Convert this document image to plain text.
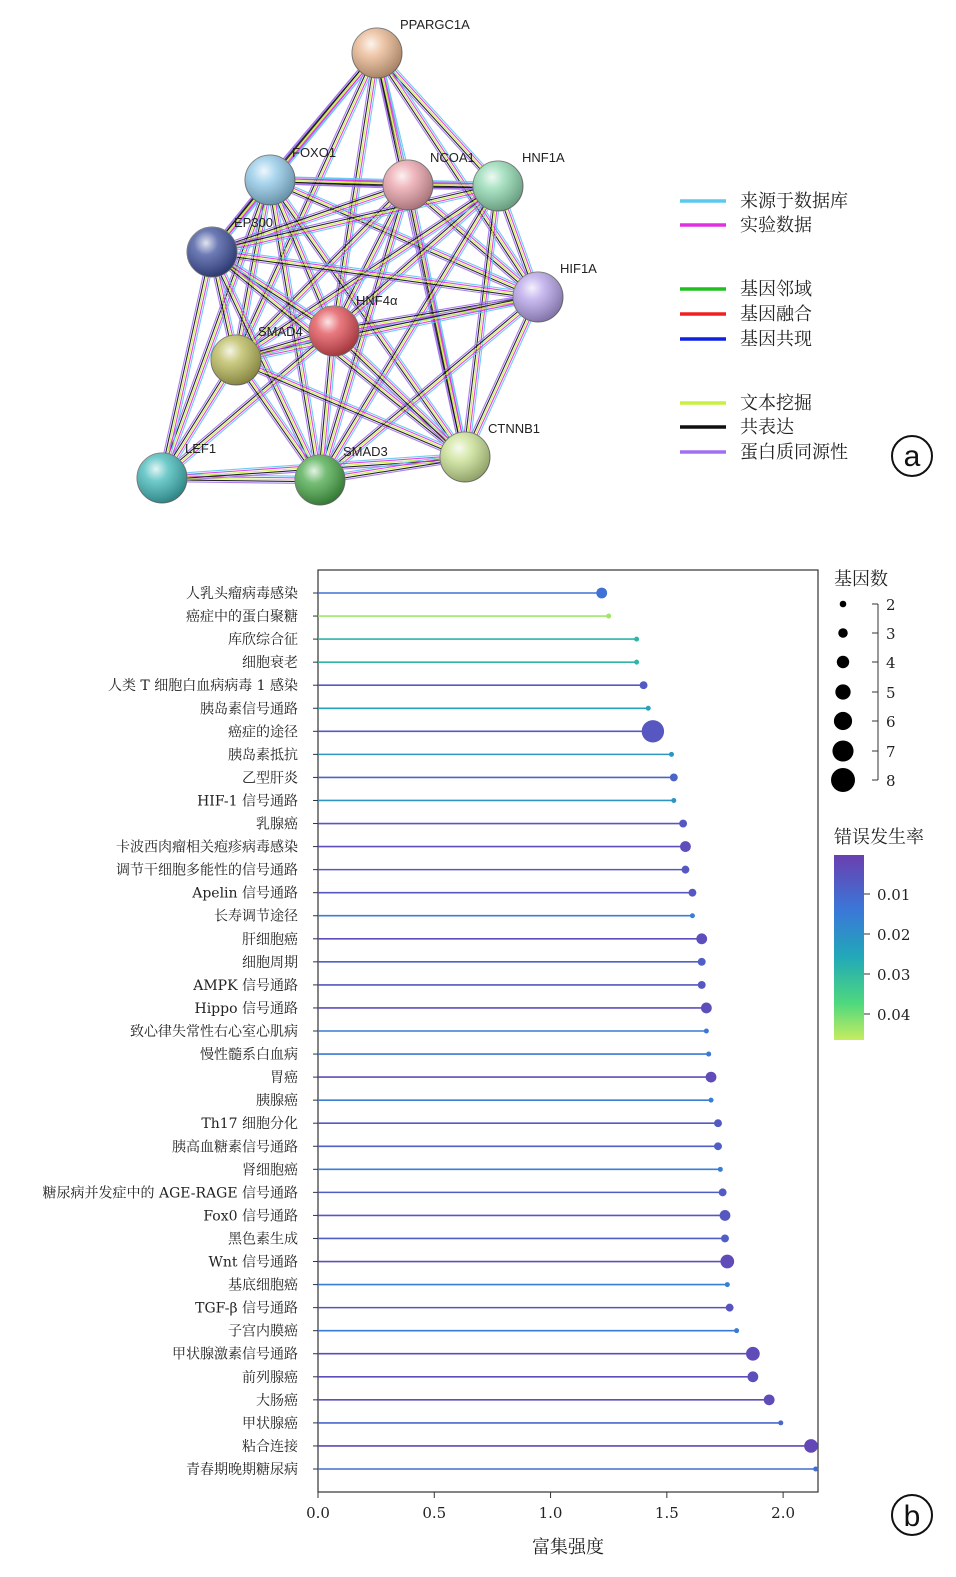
PPARGC1A
FOXO1	NCOA1	HNF1A
EP300
HIF1A
HNF4α
SMAD4
LEF1	SMAD3
CTNNB1
来源于数据库
实验数据
基因邻域
基因融合
基因共现
文本挖掘
共表达
蛋白质同源性 a
人乳头瘤病毒感染
癌症中的蛋白聚糖
库欣综合征
细胞衰老
人类 T 细胞白血病病毒 1 感染
胰岛素信号通路
癌症的途径
胰岛素抵抗
乙型肝炎
HIF-1 信号通路
乳腺癌
卡波西肉瘤相关疱疹病毒感染
调节干细胞多能性的信号通路
Apelin 信号通路
长寿调节途径
肝细胞癌
细胞周期
AMPK 信号通路
Hippo 信号通路
致心律失常性右心室心肌病
慢性髓系白血病
胃癌
胰腺癌
Th17 细胞分化
胰高血糖素信号通路
肾细胞癌
糖尿病并发症中的 AGE-RAGE 信号通路
Fox0 信号通路
黑色素生成
Wnt 信号通路
基底细胞癌
TGF-β 信号通路
子宫内膜癌
甲状腺激素信号通路
前列腺癌
大肠癌
甲状腺癌
粘合连接
青春期晚期糖尿病
0.0	0.5	1.0	1.5	2.0
富集强度
基因数
2
3
4
5
6
7
8
错误发生率
0.01
0.02
0.03
0.04
b
